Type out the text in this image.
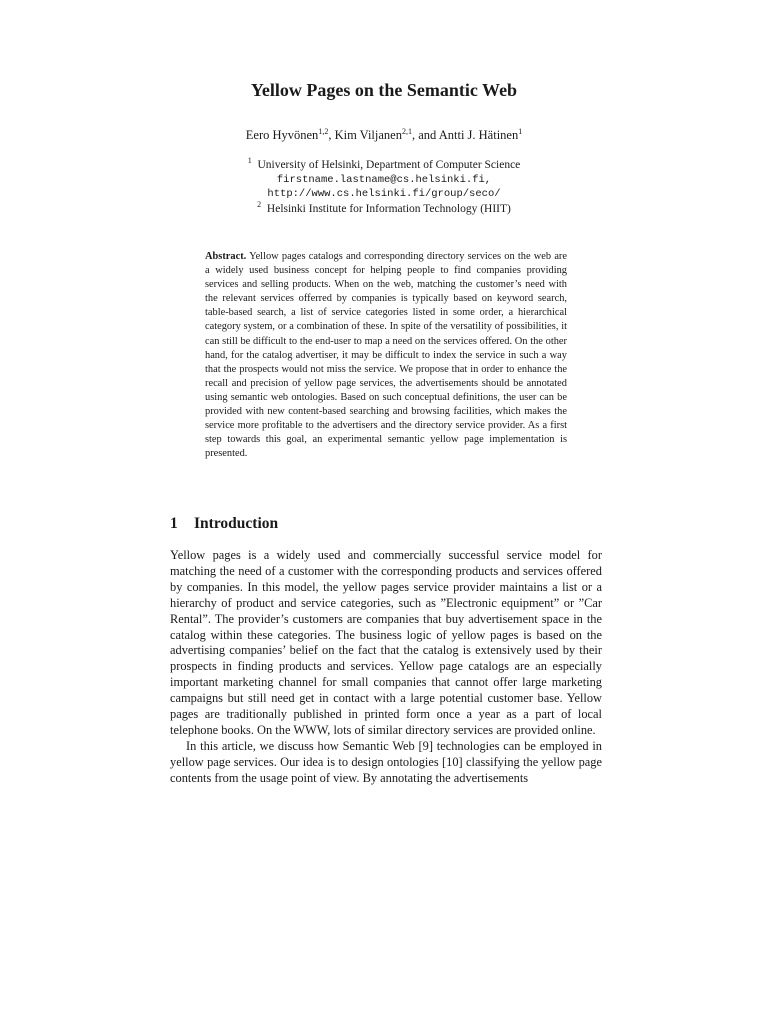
Yellow Pages on the Semantic Web
Eero Hyvönen$^{1,2}$, Kim Viljanen$^{2,1}$, and Antti J. Hätinen$^1$
$^1$ University of Helsinki, Department of Computer Science
firstname.lastname@cs.helsinki.fi,
http://www.cs.helsinki.fi/group/seco/
$^2$ Helsinki Institute for Information Technology (HIIT)
Abstract. Yellow pages catalogs and corresponding directory services on the web are a widely used business concept for helping people to find companies providing services and selling products. When on the web, matching the customer’s need with the relevant services offerred by companies is typically based on keyword search, table-based search, a list of service categories listed in some order, a hierarchical category system, or a combination of these. In spite of the versatility of possibilities, it can still be difficult to the end-user to map a need on the services offered. On the other hand, for the catalog advertiser, it may be difficult to index the service in such a way that the prospects would not miss the service. We propose that in order to enhance the recall and precision of yellow page services, the advertisements should be annotated using semantic web ontologies. Based on such conceptual definitions, the user can be provided with new content-based searching and browsing facilities, which makes the service more profitable to the advertisers and the directory service provider. As a first step towards this goal, an experimental semantic yellow page implementation is presented.
1 Introduction

Yellow pages is a widely used and commercially successful service model for matching the need of a customer with the corresponding products and services offered by companies. In this model, the yellow pages service provider maintains a list or a hierarchy of product and service categories, such as ”Electronic equipment” or ”Car Rental”. The provider’s customers are companies that buy advertisement space in the catalog within these categories. The business logic of yellow pages is based on the advertising companies’ belief on the fact that the catalog is extensively used by their prospects in finding products and services. Yellow page catalogs are an especially important marketing channel for small companies that cannot offer large marketing campaigns but still need get in contact with a large potential customer base. Yellow pages are traditionally published in printed form once a year as a part of local telephone books. On the WWW, lots of similar directory services are provided online.

In this article, we discuss how Semantic Web [9] technologies can be employed in yellow page services. Our idea is to design ontologies [10] classifying the yellow page contents from the usage point of view. By annotating the advertisements
